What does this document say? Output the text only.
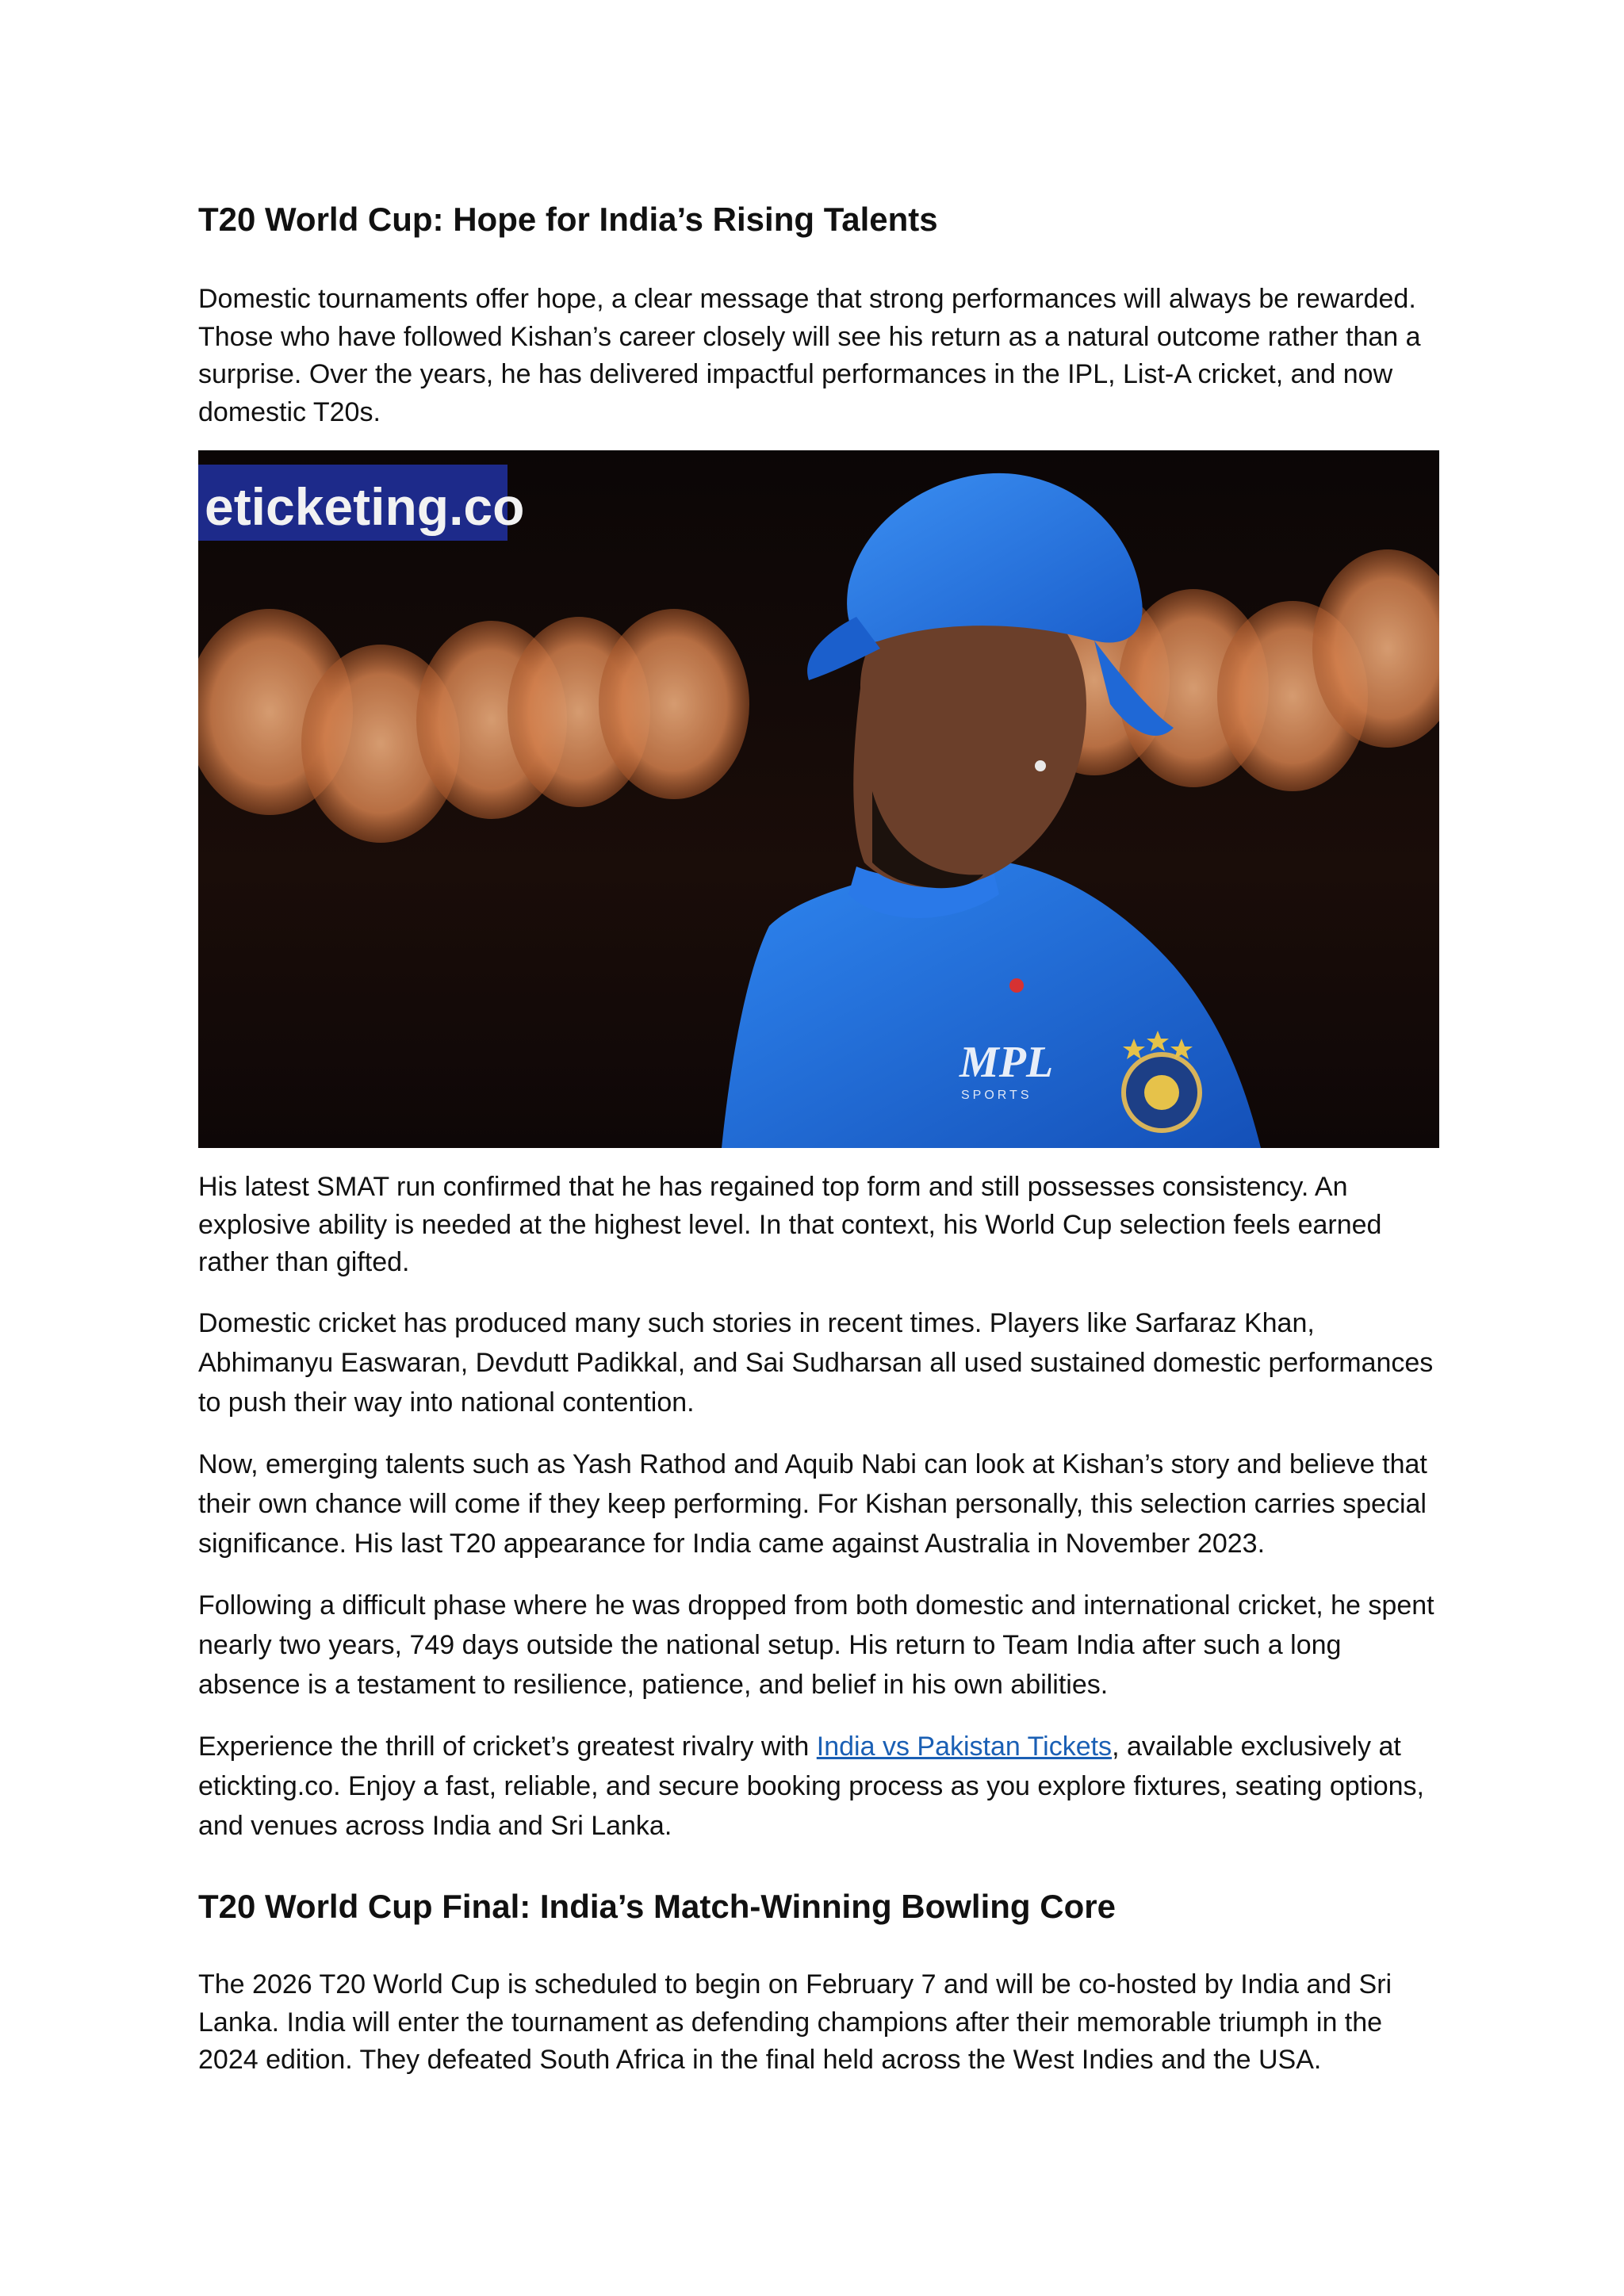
T20 World Cup: Hope for India’s Rising Talents

Domestic tournaments offer hope, a clear message that strong performances will always be rewarded. Those who have followed Kishan’s career closely will see his return as a natural outcome rather than a surprise. Over the years, he has delivered impactful performances in the IPL, List-A cricket, and now domestic T20s.

MPL
SPORTS
eticketing.co

His latest SMAT run confirmed that he has regained top form and still possesses consistency. An explosive ability is needed at the highest level. In that context, his World Cup selection feels earned rather than gifted.

Domestic cricket has produced many such stories in recent times. Players like Sarfaraz Khan, Abhimanyu Easwaran, Devdutt Padikkal, and Sai Sudharsan all used sustained domestic performances to push their way into national contention.

Now, emerging talents such as Yash Rathod and Aquib Nabi can look at Kishan’s story and believe that their own chance will come if they keep performing. For Kishan personally, this selection carries special significance. His last T20 appearance for India came against Australia in November 2023.

Following a difficult phase where he was dropped from both domestic and international cricket, he spent nearly two years, 749 days outside the national setup. His return to Team India after such a long absence is a testament to resilience, patience, and belief in his own abilities.

Experience the thrill of cricket’s greatest rivalry with India vs Pakistan Tickets, available exclusively at etickting.co. Enjoy a fast, reliable, and secure booking process as you explore fixtures, seating options, and venues across India and Sri Lanka.

T20 World Cup Final: India’s Match-Winning Bowling Core

The 2026 T20 World Cup is scheduled to begin on February 7 and will be co-hosted by India and Sri Lanka. India will enter the tournament as defending champions after their memorable triumph in the 2024 edition. They defeated South Africa in the final held across the West Indies and the USA.
